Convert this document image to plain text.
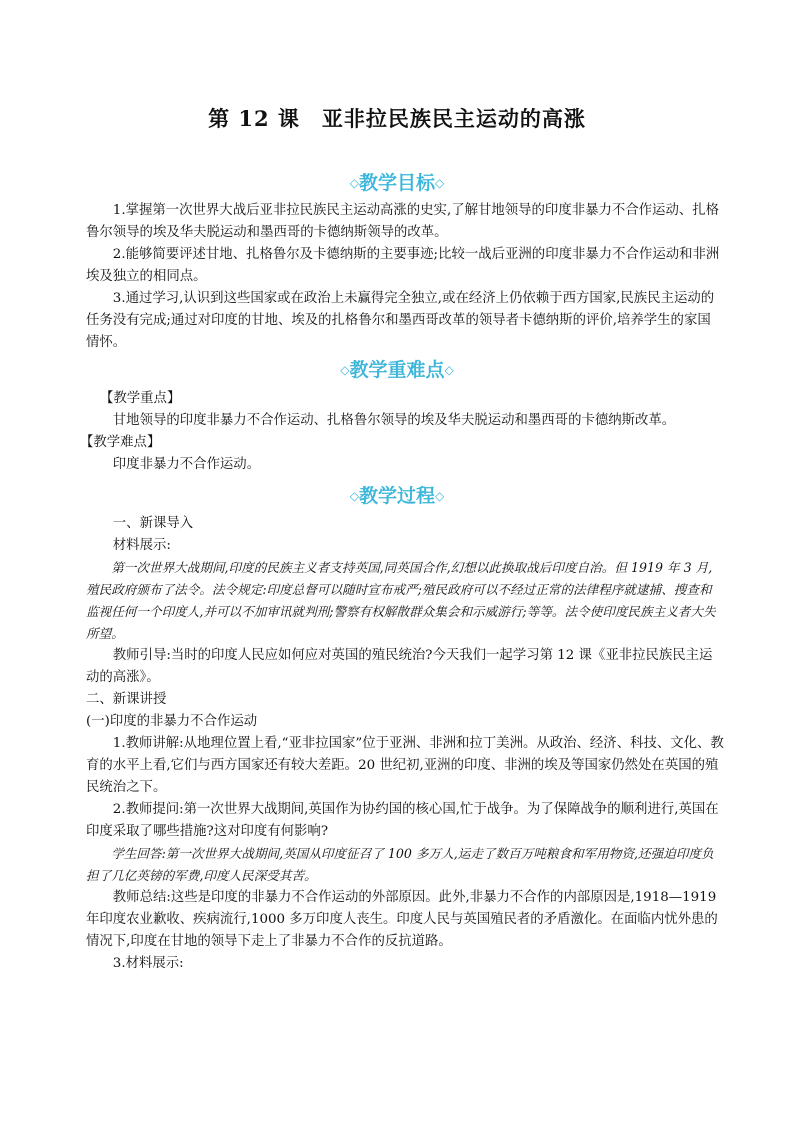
第 12 课　亚非拉民族民主运动的高涨
◇教学目标◇

1.掌握第一次世界大战后亚非拉民族民主运动高涨的史实,了解甘地领导的印度非暴力不合作运动、扎格鲁尔领导的埃及华夫脱运动和墨西哥的卡德纳斯领导的改革。

2.能够简要评述甘地、扎格鲁尔及卡德纳斯的主要事迹;比较一战后亚洲的印度非暴力不合作运动和非洲埃及独立的相同点。

3.通过学习,认识到这些国家或在政治上未赢得完全独立,或在经济上仍依赖于西方国家,民族民主运动的任务没有完成;通过对印度的甘地、埃及的扎格鲁尔和墨西哥改革的领导者卡德纳斯的评价,培养学生的家国情怀。

◇教学重难点◇

【教学重点】

甘地领导的印度非暴力不合作运动、扎格鲁尔领导的埃及华夫脱运动和墨西哥的卡德纳斯改革。

【教学难点】

印度非暴力不合作运动。

◇教学过程◇

一、新课导入

材料展示:

第一次世界大战期间,印度的民族主义者支持英国,同英国合作,幻想以此换取战后印度自治。但 1919 年 3 月,殖民政府颁布了法令。法令规定:印度总督可以随时宣布戒严;殖民政府可以不经过正常的法律程序就逮捕、搜查和监视任何一个印度人,并可以不加审讯就判刑;警察有权解散群众集会和示威游行;等等。法令使印度民族主义者大失所望。

教师引导:当时的印度人民应如何应对英国的殖民统治?今天我们一起学习第 12 课《亚非拉民族民主运动的高涨》。

二、新课讲授

(一)印度的非暴力不合作运动

1.教师讲解:从地理位置上看,“亚非拉国家”位于亚洲、非洲和拉丁美洲。从政治、经济、科技、文化、教育的水平上看,它们与西方国家还有较大差距。20 世纪初,亚洲的印度、非洲的埃及等国家仍然处在英国的殖民统治之下。

2.教师提问:第一次世界大战期间,英国作为协约国的核心国,忙于战争。为了保障战争的顺利进行,英国在印度采取了哪些措施?这对印度有何影响?

学生回答:第一次世界大战期间,英国从印度征召了 100 多万人,运走了数百万吨粮食和军用物资,还强迫印度负担了几亿英镑的军费,印度人民深受其苦。

教师总结:这些是印度的非暴力不合作运动的外部原因。此外,非暴力不合作的内部原因是,1918—1919 年印度农业歉收、疾病流行,1000 多万印度人丧生。印度人民与英国殖民者的矛盾激化。在面临内忧外患的情况下,印度在甘地的领导下走上了非暴力不合作的反抗道路。

3.材料展示:
